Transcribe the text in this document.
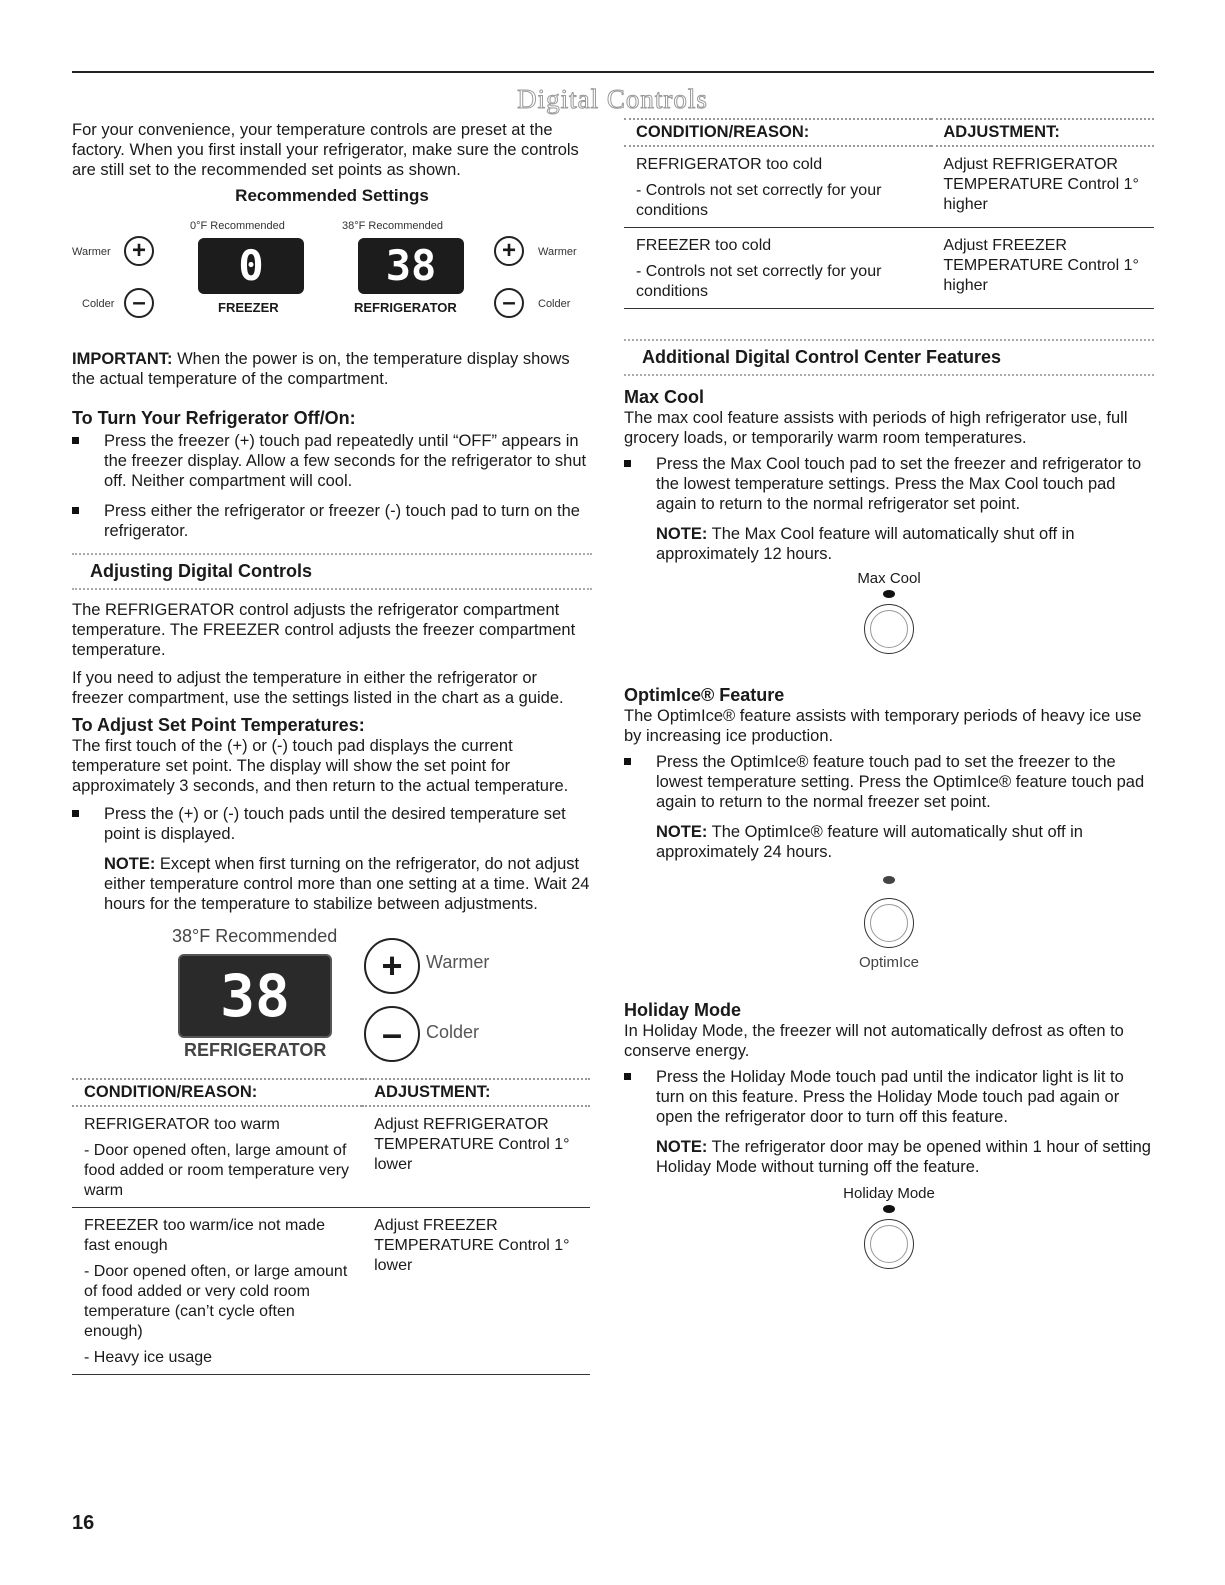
Digital Controls

For your convenience, your temperature controls are preset at the factory. When you first install your refrigerator, make sure the controls are still set to the recommended set points as shown.

Recommended Settings

Warmer +
Colder –
0°F Recommended
0
FREEZER
38°F Recommended
38
REFRIGERATOR
+ Warmer
– Colder

IMPORTANT: When the power is on, the temperature display shows the actual temperature of the compartment.

To Turn Your Refrigerator Off/On:
Press the freezer (+) touch pad repeatedly until “OFF” appears in the freezer display. Allow a few seconds for the refrigerator to shut off. Neither compartment will cool.
Press either the refrigerator or freezer (-) touch pad to turn on the refrigerator.
Adjusting Digital Controls

The REFRIGERATOR control adjusts the refrigerator compartment temperature. The FREEZER control adjusts the freezer compartment temperature.

If you need to adjust the temperature in either the refrigerator or freezer compartment, use the settings listed in the chart as a guide.

To Adjust Set Point Temperatures:

The first touch of the (+) or (-) touch pad displays the current temperature set point. The display will show the set point for approximately 3 seconds, and then return to the actual temperature.

Press the (+) or (-) touch pads until the desired temperature set point is displayed.

NOTE: Except when first turning on the refrigerator, do not adjust either temperature control more than one setting at a time. Wait 24 hours for the temperature to stabilize between adjustments.

38°F Recommended
38
REFRIGERATOR
+ Warmer
– Colder
CONDITION/REASON:	ADJUSTMENT:

REFRIGERATOR too warm
- Door opened often, large amount of food added or room temperature very warm	Adjust REFRIGERATOR TEMPERATURE Control 1° lower

FREEZER too warm/ice not made fast enough
- Door opened often, or large amount of food added or very cold room temperature (can’t cycle often enough)
- Heavy ice usage	Adjust FREEZER TEMPERATURE Control 1° lower
CONDITION/REASON:	ADJUSTMENT:

REFRIGERATOR too cold
- Controls not set correctly for your conditions	Adjust REFRIGERATOR TEMPERATURE Control 1° higher

FREEZER too cold
- Controls not set correctly for your conditions	Adjust FREEZER TEMPERATURE Control 1° higher
Additional Digital Control Center Features
Max Cool

The max cool feature assists with periods of high refrigerator use, full grocery loads, or temporarily warm room temperatures.

Press the Max Cool touch pad to set the freezer and refrigerator to the lowest temperature settings. Press the Max Cool touch pad again to return to the normal refrigerator set point.

NOTE: The Max Cool feature will automatically shut off in approximately 12 hours.

Max Cool
OptimIce® Feature

The OptimIce® feature assists with temporary periods of heavy ice use by increasing ice production.

Press the OptimIce® feature touch pad to set the freezer to the lowest temperature setting. Press the OptimIce® feature touch pad again to return to the normal freezer set point.

NOTE: The OptimIce® feature will automatically shut off in approximately 24 hours.

OptimIce
Holiday Mode

In Holiday Mode, the freezer will not automatically defrost as often to conserve energy.

Press the Holiday Mode touch pad until the indicator light is lit to turn on this feature. Press the Holiday Mode touch pad again or open the refrigerator door to turn off this feature.

NOTE: The refrigerator door may be opened within 1 hour of setting Holiday Mode without turning off the feature.

Holiday Mode
16
